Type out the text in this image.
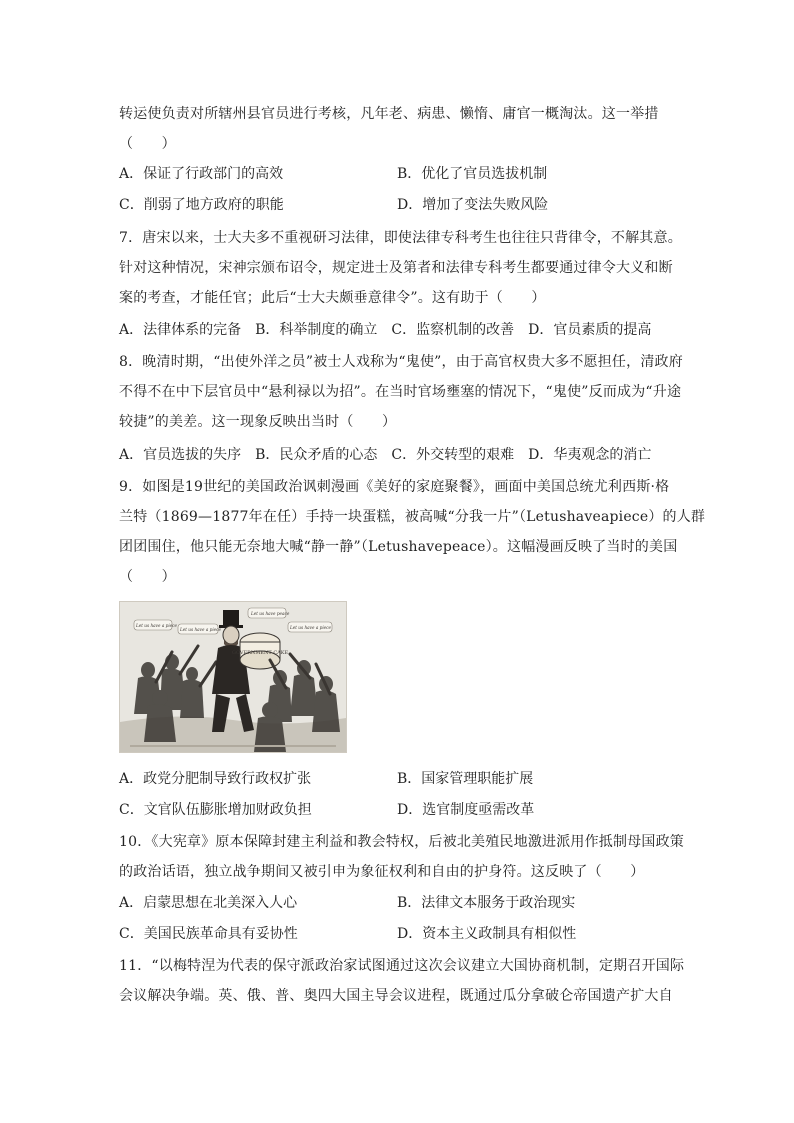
转运使负责对所辖州县官员进行考核，凡年老、病患、懒惰、庸官一概淘汰。这一举措
（　　）
A．保证了行政部门的高效	B．优化了官员选拔机制
C．削弱了地方政府的职能	D．增加了变法失败风险
7．唐宋以来，士大夫多不重视研习法律，即使法律专科考生也往往只背律令，不解其意。
针对这种情况，宋神宗颁布诏令，规定进士及第者和法律专科考生都要通过律令大义和断
案的考查，才能任官；此后“士大夫颇垂意律令”。这有助于（　　）
A．法律体系的完备　B．科举制度的确立　C．监察机制的改善　D．官员素质的提高
8．晚清时期，“出使外洋之员”被士人戏称为“鬼使”，由于高官权贵大多不愿担任，清政府
不得不在中下层官员中“悬利禄以为招”。在当时官场壅塞的情况下，“鬼使”反而成为“升途
较捷”的美差。这一现象反映出当时（　　）
A．官员选拔的失序　B．民众矛盾的心态　C．外交转型的艰难　D．华夷观念的消亡
9．如图是19世纪的美国政治讽刺漫画《美好的家庭聚餐》，画面中美国总统尤利西斯·格
兰特（1869—1877年在任）手持一块蛋糕，被高喊“分我一片”（Letushaveapiece）的人群
团团围住，他只能无奈地大喊“静一静”（Letushavepeace）。这幅漫画反映了当时的美国
（　　）
GOVERNMENT CAKE
Let us have a piece
Let us have a piece
Let us have peace
Let us have a piece
A．政党分肥制导致行政权扩张	B．国家管理职能扩展
C．文官队伍膨胀增加财政负担	D．选官制度亟需改革
10．《大宪章》原本保障封建主利益和教会特权，后被北美殖民地激进派用作抵制母国政策
的政治话语，独立战争期间又被引申为象征权利和自由的护身符。这反映了（　　）
A．启蒙思想在北美深入人心	B．法律文本服务于政治现实
C．美国民族革命具有妥协性	D．资本主义政制具有相似性
11．“以梅特涅为代表的保守派政治家试图通过这次会议建立大国协商机制，定期召开国际
会议解决争端。英、俄、普、奥四大国主导会议进程，既通过瓜分拿破仑帝国遗产扩大自
